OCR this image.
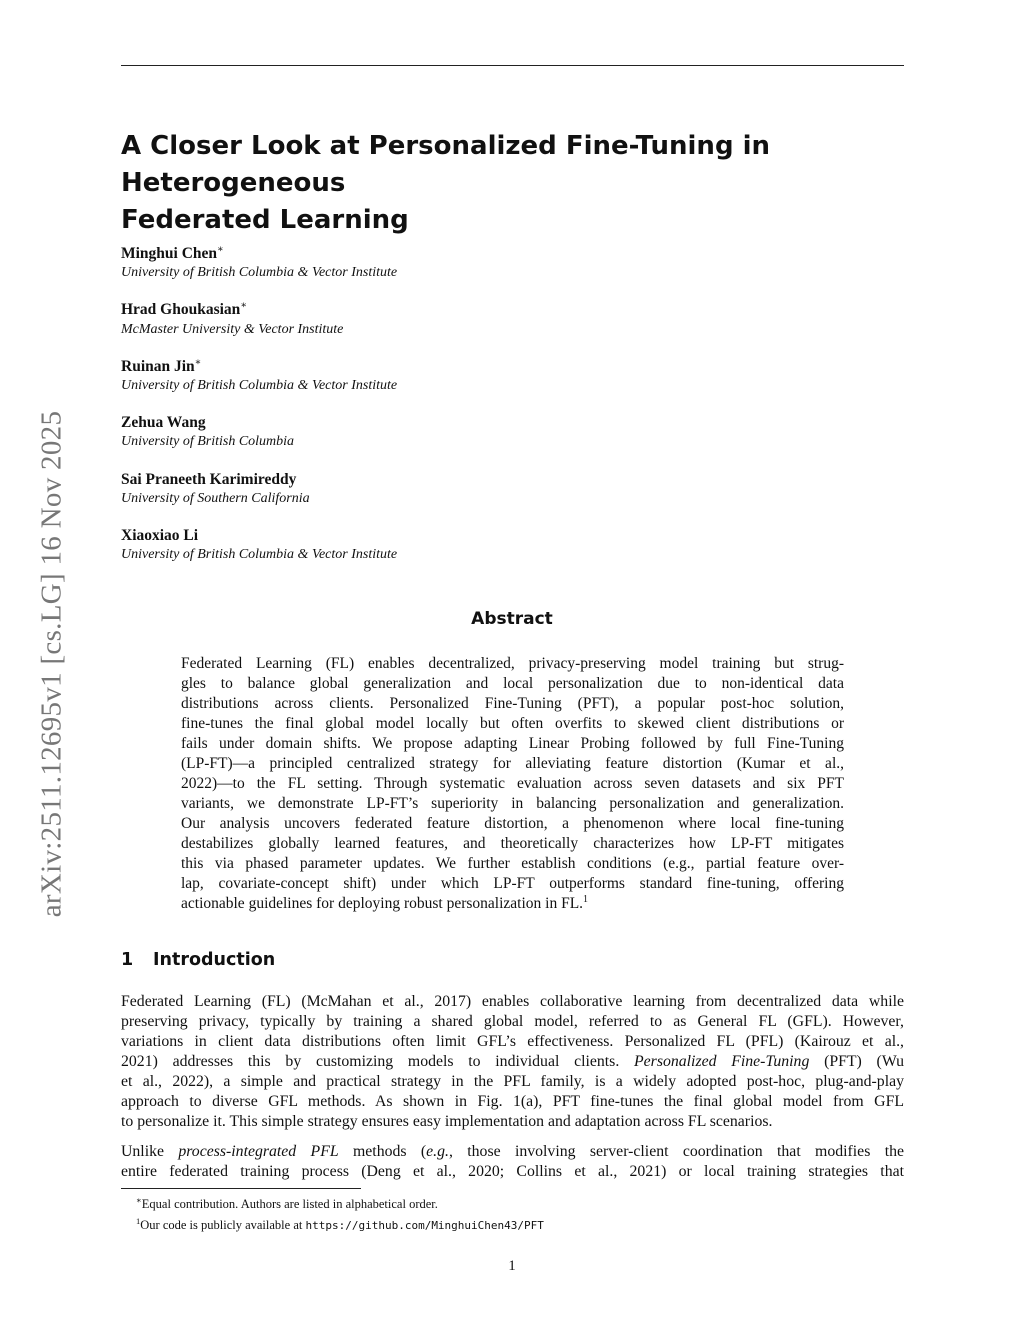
arXiv:2511.12695v1 [cs.LG] 16 Nov 2025
A Closer Look at Personalized Fine-Tuning in Heterogeneous
Federated Learning
Minghui Chen∗
University of British Columbia & Vector Institute
Hrad Ghoukasian∗
McMaster University & Vector Institute
Ruinan Jin∗
University of British Columbia & Vector Institute
Zehua Wang
University of British Columbia
Sai Praneeth Karimireddy
University of Southern California
Xiaoxiao Li
University of British Columbia & Vector Institute
Abstract
Federated Learning (FL) enables decentralized, privacy-preserving model training but strug-
gles to balance global generalization and local personalization due to non-identical data
distributions across clients. Personalized Fine-Tuning (PFT), a popular post-hoc solution,
fine-tunes the final global model locally but often overfits to skewed client distributions or
fails under domain shifts. We propose adapting Linear Probing followed by full Fine-Tuning
(LP-FT)—a principled centralized strategy for alleviating feature distortion (Kumar et al.,
2022)—to the FL setting. Through systematic evaluation across seven datasets and six PFT
variants, we demonstrate LP-FT’s superiority in balancing personalization and generalization.
Our analysis uncovers federated feature distortion, a phenomenon where local fine-tuning
destabilizes globally learned features, and theoretically characterizes how LP-FT mitigates
this via phased parameter updates. We further establish conditions (e.g., partial feature over-
lap, covariate-concept shift) under which LP-FT outperforms standard fine-tuning, offering
actionable guidelines for deploying robust personalization in FL.$^1$
1 Introduction
Federated Learning (FL) (McMahan et al., 2017) enables collaborative learning from decentralized data while
preserving privacy, typically by training a shared global model, referred to as General FL (GFL). However,
variations in client data distributions often limit GFL’s effectiveness. Personalized FL (PFL) (Kairouz et al.,
2021) addresses this by customizing models to individual clients. Personalized Fine-Tuning (PFT) (Wu
et al., 2022), a simple and practical strategy in the PFL family, is a widely adopted post-hoc, plug-and-play
approach to diverse GFL methods. As shown in Fig. 1(a), PFT fine-tunes the final global model from GFL
to personalize it. This simple strategy ensures easy implementation and adaptation across FL scenarios.
Unlike process-integrated PFL methods (e.g., those involving server-client coordination that modifies the
entire federated training process (Deng et al., 2020; Collins et al., 2021) or local training strategies that
∗Equal contribution. Authors are listed in alphabetical order.
$^1$Our code is publicly available at https://github.com/MinghuiChen43/PFT
1
